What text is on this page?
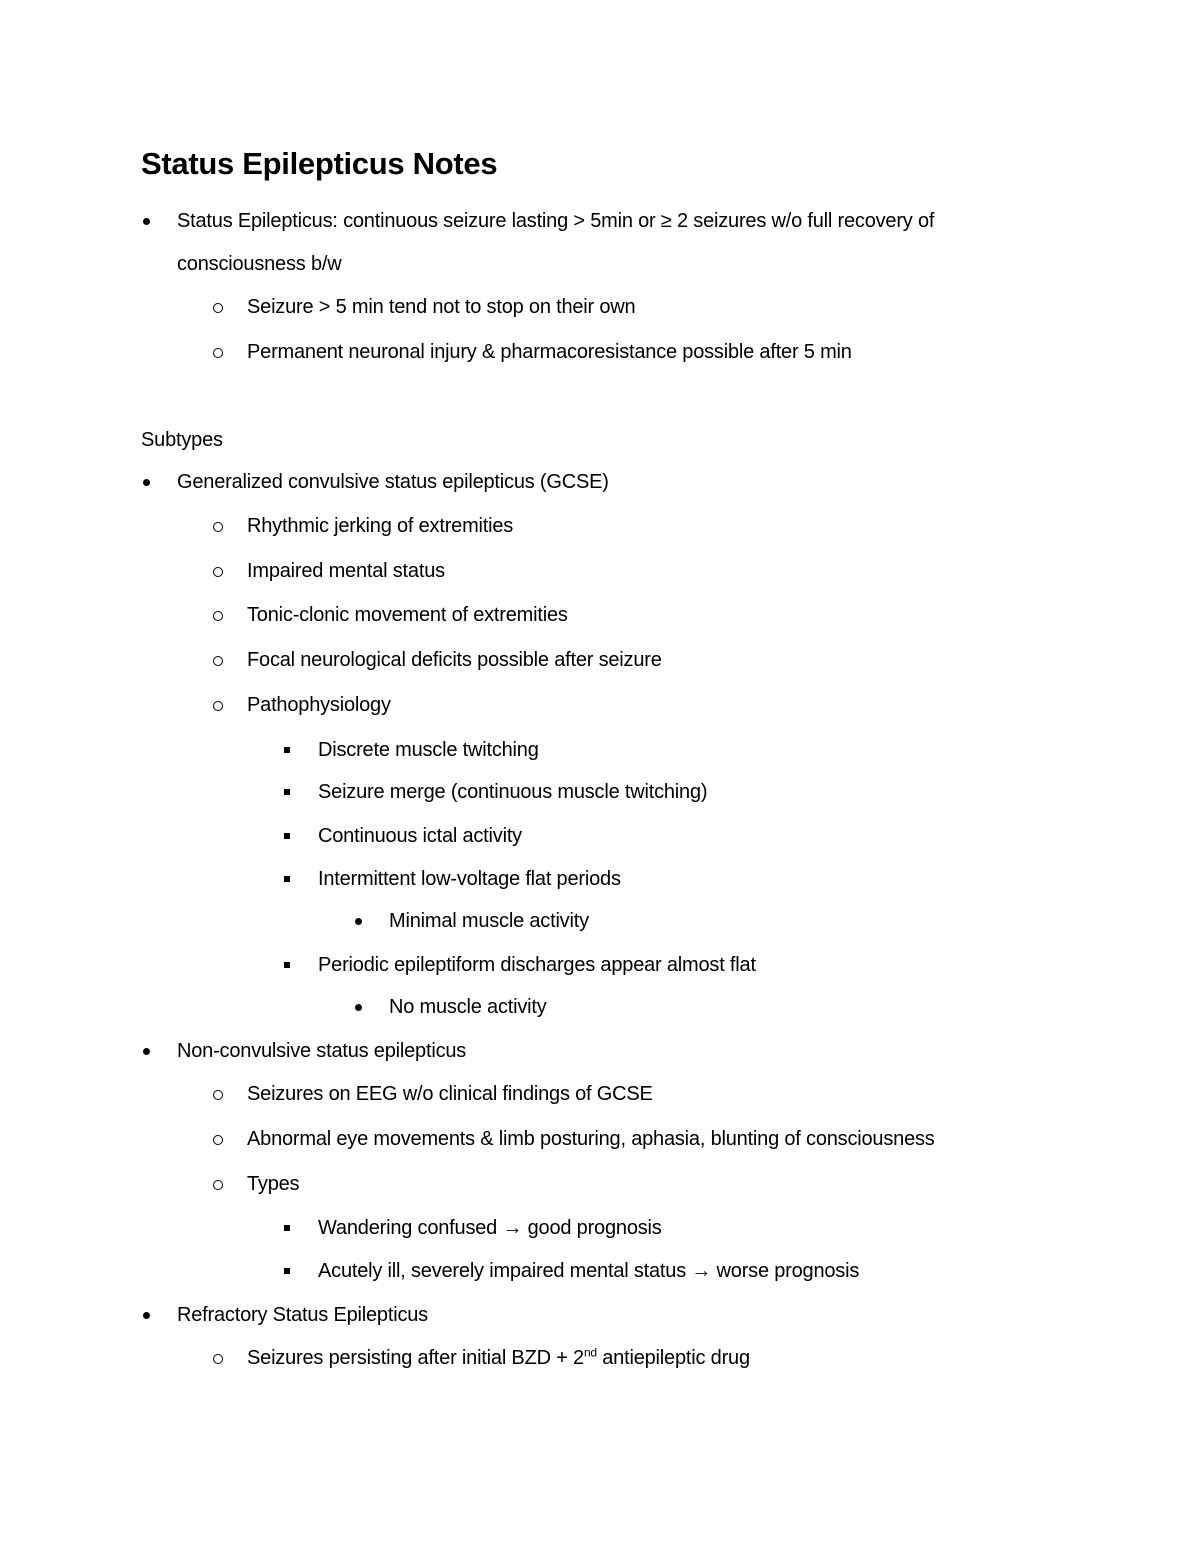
Status Epilepticus Notes
Status Epilepticus: continuous seizure lasting > 5min or ≥ 2 seizures w/o full recovery of
consciousness b/w
Seizure > 5 min tend not to stop on their own
Permanent neuronal injury & pharmacoresistance possible after 5 min
Subtypes
Generalized convulsive status epilepticus (GCSE)
Rhythmic jerking of extremities
Impaired mental status
Tonic-clonic movement of extremities
Focal neurological deficits possible after seizure
Pathophysiology
Discrete muscle twitching
Seizure merge (continuous muscle twitching)
Continuous ictal activity
Intermittent low-voltage flat periods
Minimal muscle activity
Periodic epileptiform discharges appear almost flat
No muscle activity
Non-convulsive status epilepticus
Seizures on EEG w/o clinical findings of GCSE
Abnormal eye movements & limb posturing, aphasia, blunting of consciousness
Types
Wandering confused → good prognosis
Acutely ill, severely impaired mental status → worse prognosis
Refractory Status Epilepticus
Seizures persisting after initial BZD + 2nd antiepileptic drug
